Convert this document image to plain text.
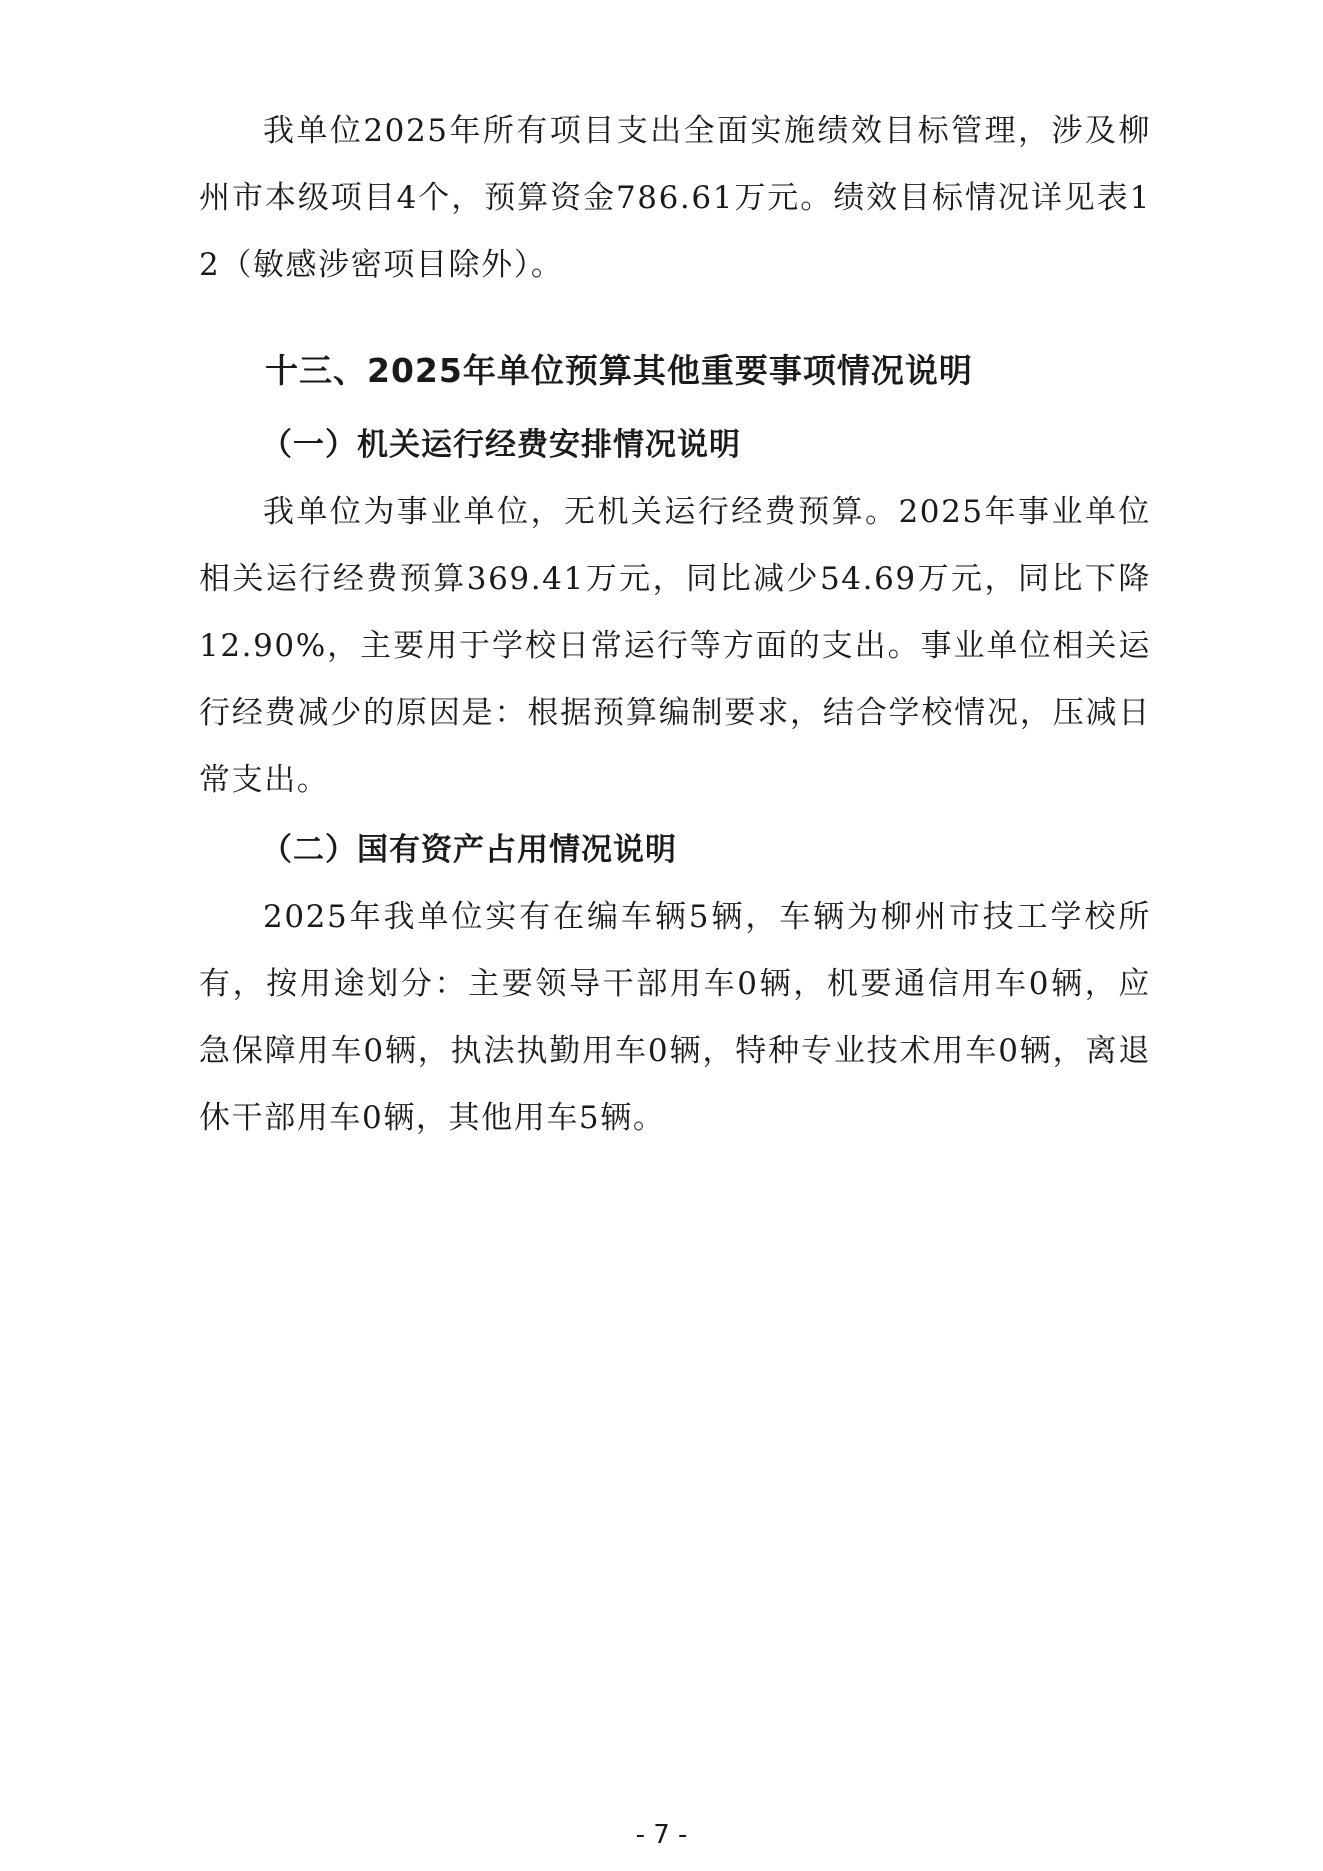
我单位2025年所有项目支出全面实施绩效目标管理，涉及柳州市本级项目4个，预算资金786.61万元。绩效目标情况详见表12（敏感涉密项目除外）。

十三、2025年单位预算其他重要事项情况说明
（一）机关运行经费安排情况说明

我单位为事业单位，无机关运行经费预算。2025年事业单位相关运行经费预算369.41万元，同比减少54.69万元，同比下降12.90%，主要用于学校日常运行等方面的支出。事业单位相关运行经费减少的原因是：根据预算编制要求，结合学校情况，压减日常支出。

（二）国有资产占用情况说明

2025年我单位实有在编车辆5辆，车辆为柳州市技工学校所有，按用途划分：主要领导干部用车0辆，机要通信用车0辆，应急保障用车0辆，执法执勤用车0辆，特种专业技术用车0辆，离退休干部用车0辆，其他用车5辆。

- 7 -
